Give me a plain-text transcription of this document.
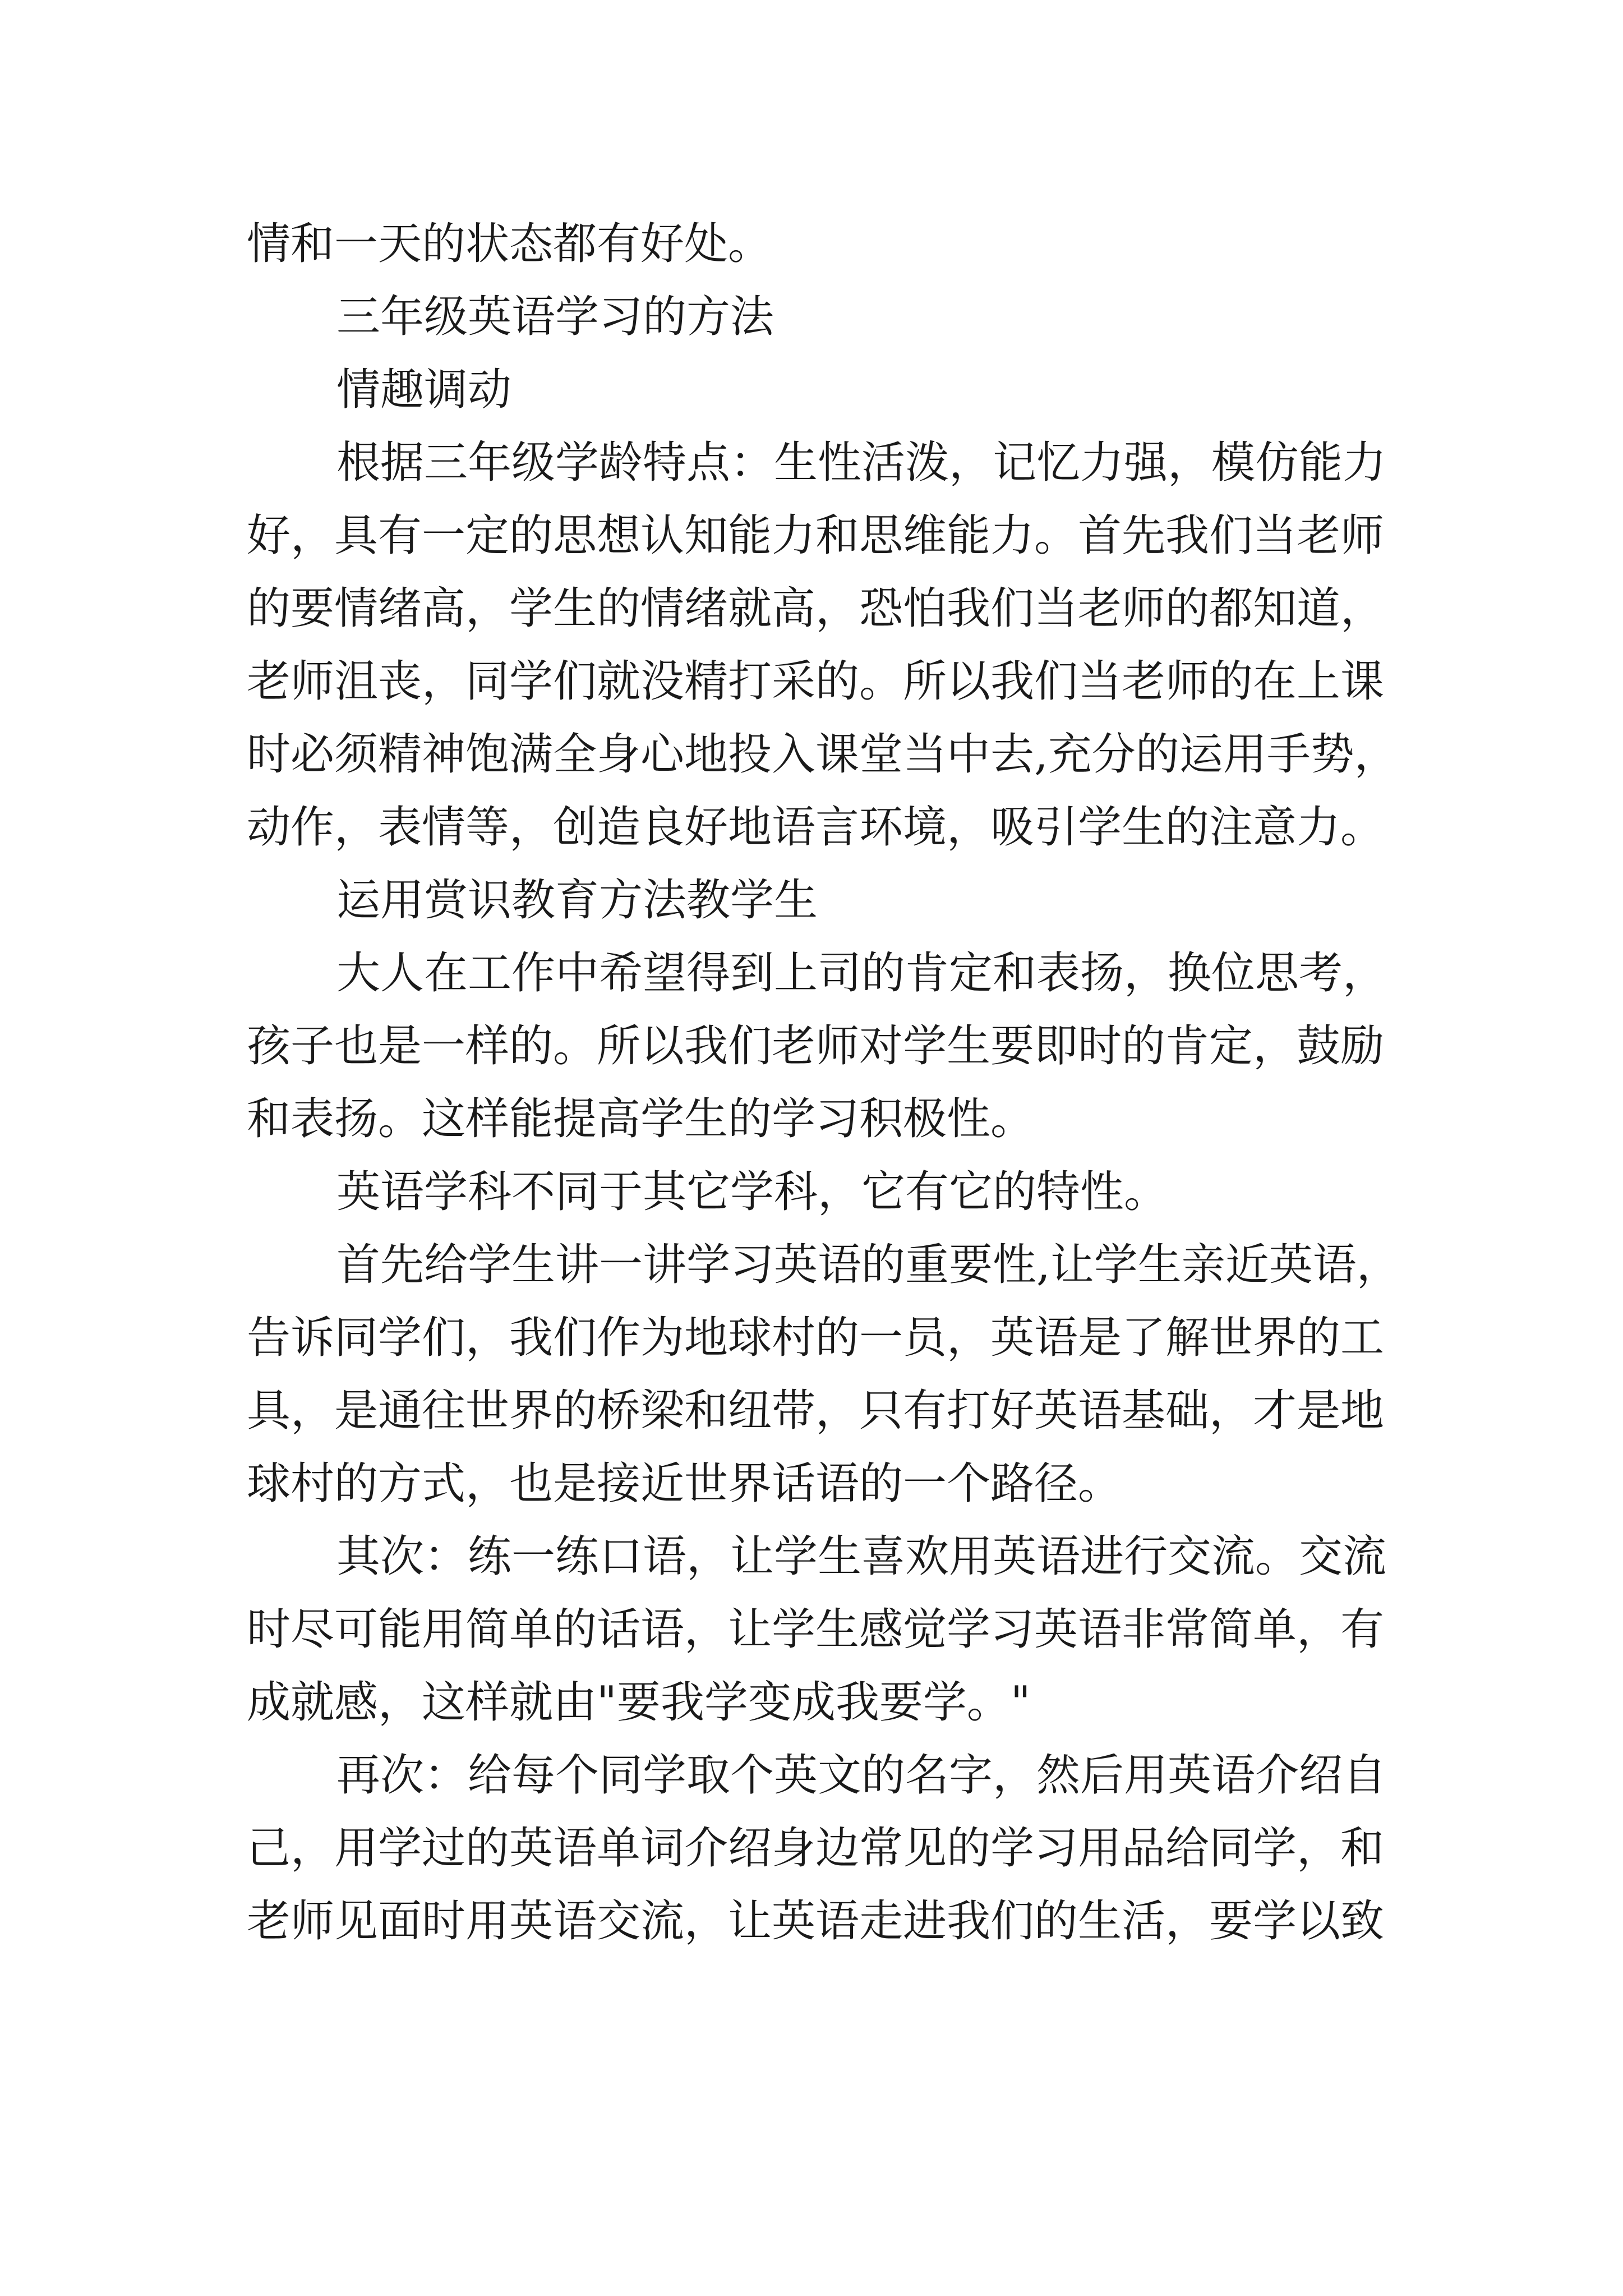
情和一天的状态都有好处。
三年级英语学习的方法
情趣调动
根据三年级学龄特点：生性活泼，记忆力强，模仿能力
好，具有一定的思想认知能力和思维能力。首先我们当老师
的要情绪高，学生的情绪就高，恐怕我们当老师的都知道，
老师沮丧，同学们就没精打采的。所以我们当老师的在上课
时必须精神饱满全身心地投入课堂当中去,充分的运用手势，
动作，表情等，创造良好地语言环境，吸引学生的注意力。
运用赏识教育方法教学生
大人在工作中希望得到上司的肯定和表扬，换位思考，
孩子也是一样的。所以我们老师对学生要即时的肯定，鼓励
和表扬。这样能提高学生的学习积极性。
英语学科不同于其它学科，它有它的特性。
首先给学生讲一讲学习英语的重要性,让学生亲近英语，
告诉同学们，我们作为地球村的一员，英语是了解世界的工
具，是通往世界的桥梁和纽带，只有打好英语基础，才是地
球村的方式，也是接近世界话语的一个路径。
其次：练一练口语，让学生喜欢用英语进行交流。交流
时尽可能用简单的话语，让学生感觉学习英语非常简单，有
成就感，这样就由"要我学变成我要学。"
再次：给每个同学取个英文的名字，然后用英语介绍自
己，用学过的英语单词介绍身边常见的学习用品给同学，和
老师见面时用英语交流，让英语走进我们的生活，要学以致
